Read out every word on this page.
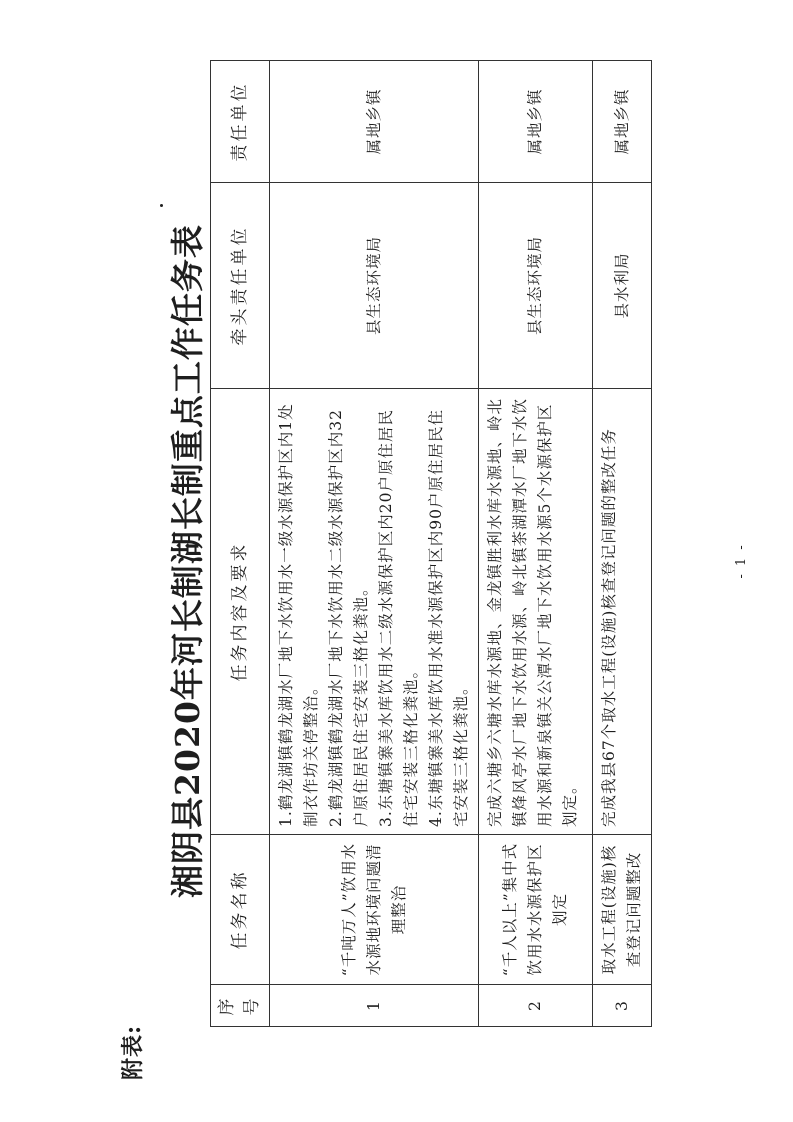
附表:
湘阴县2020年河长制湖长制重点工作任务表
序号	任务名称	任务内容及要求	牵头责任单位	责任单位
1	“千吨万人”饮用水水源地环境问题清理整治	1.鹤龙湖镇鹤龙湖水厂地下水饮用水一级水源保护区内1处制衣作坊关停整治。 2.鹤龙湖镇鹤龙湖水厂地下水饮用水二级水源保护区内32户原住居民住宅安装三格化粪池。 3.东塘镇寨美水库饮用水二级水源保护区内20户原住居民住宅安装三格化粪池。 4.东塘镇寨美水库饮用水准水源保护区内90户原住居民住宅安装三格化粪池。	县生态环境局	属地乡镇
2	“千人以上”集中式饮用水水源保护区划定	完成六塘乡六塘水库水源地、金龙镇胜利水库水源地、岭北镇烽风亭水厂地下水饮用水源、岭北镇茶湖潭水厂地下水饮用水源和新泉镇关公潭水厂地下水饮用水源5个水源保护区划定。	县生态环境局	属地乡镇
3	取水工程(设施)核查登记问题整改	完成我县67个取水工程(设施)核查登记问题的整改任务	县水利局	属地乡镇
- 1 -
